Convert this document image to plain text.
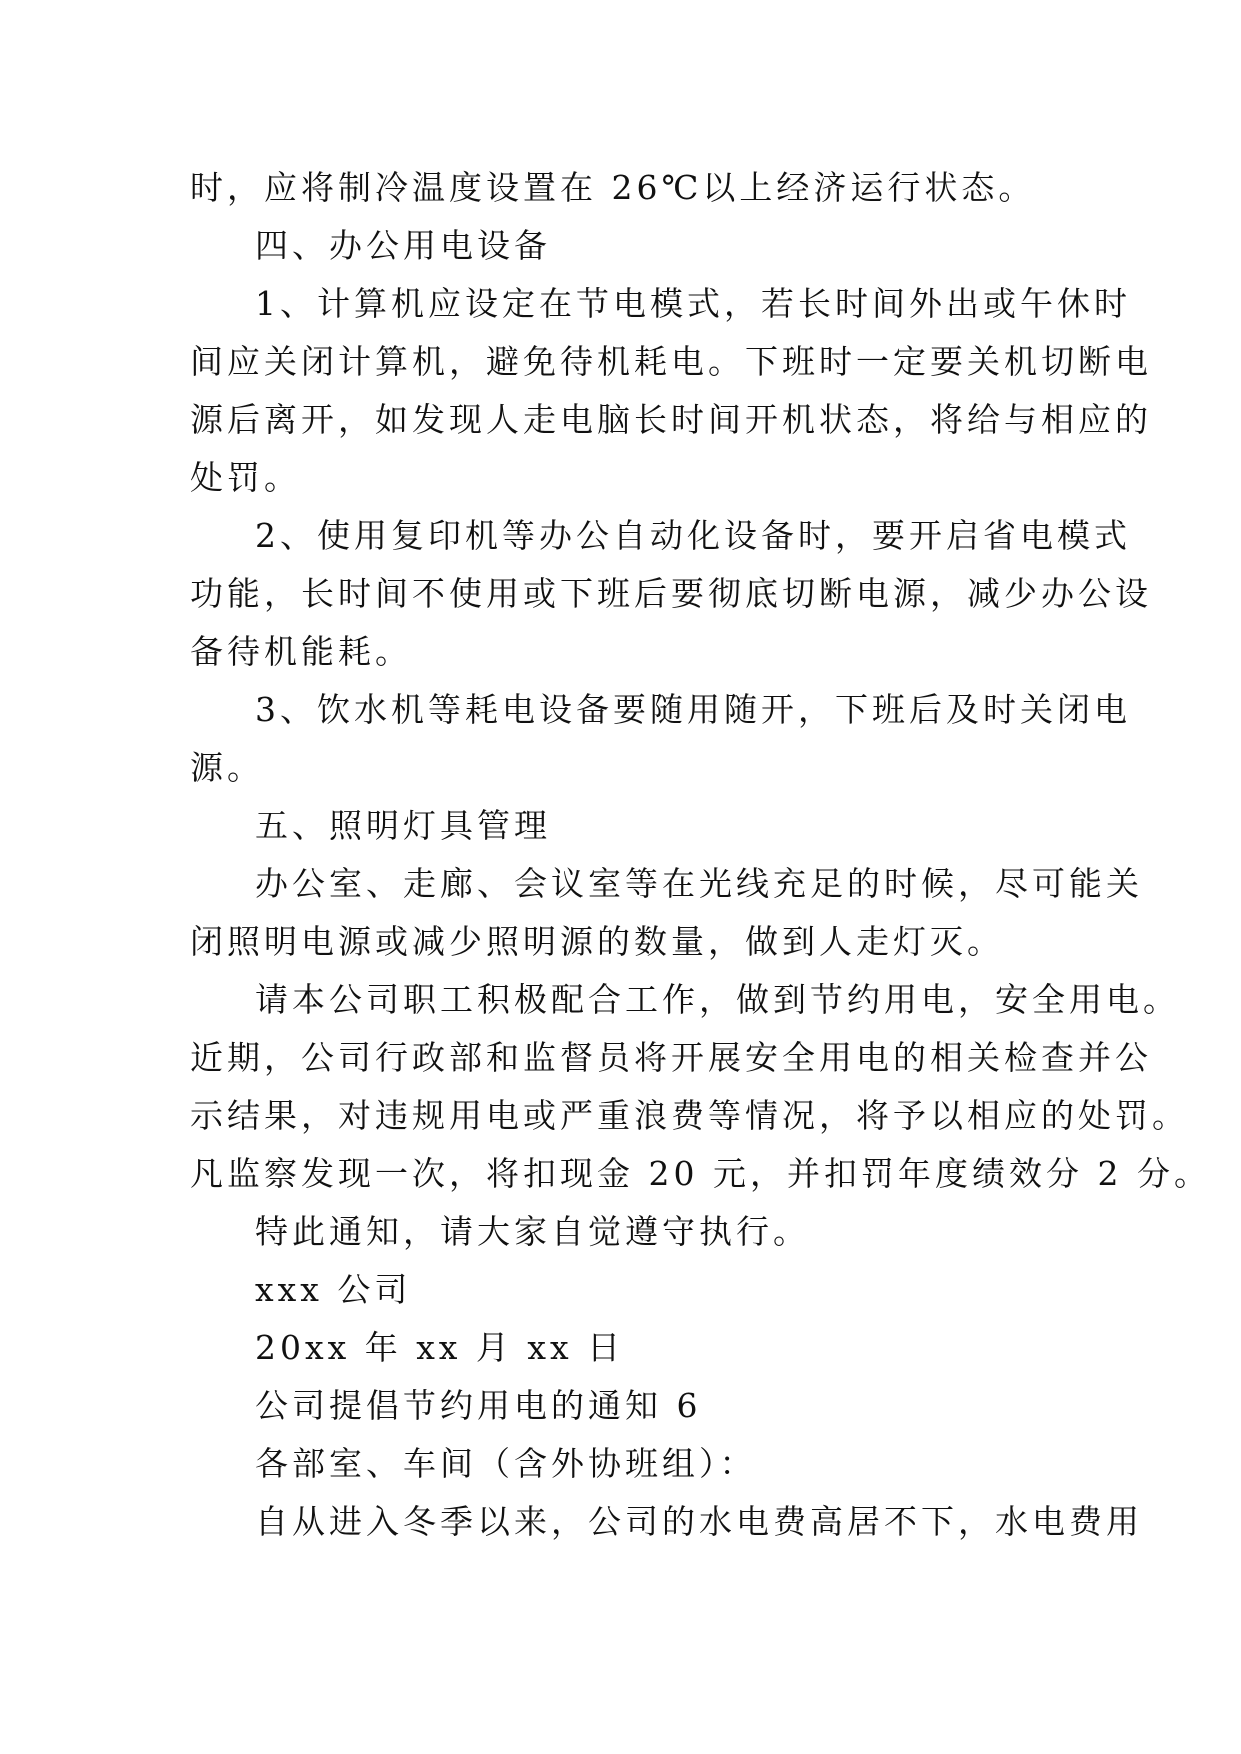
时，应将制冷温度设置在 26℃以上经济运行状态。
四、办公用电设备
1、计算机应设定在节电模式，若长时间外出或午休时
间应关闭计算机，避免待机耗电。下班时一定要关机切断电
源后离开，如发现人走电脑长时间开机状态，将给与相应的
处罚。
2、使用复印机等办公自动化设备时，要开启省电模式
功能，长时间不使用或下班后要彻底切断电源，减少办公设
备待机能耗。
3、饮水机等耗电设备要随用随开，下班后及时关闭电
源。
五、照明灯具管理
办公室、走廊、会议室等在光线充足的时候，尽可能关
闭照明电源或减少照明源的数量，做到人走灯灭。
请本公司职工积极配合工作，做到节约用电，安全用电。
近期，公司行政部和监督员将开展安全用电的相关检查并公
示结果，对违规用电或严重浪费等情况，将予以相应的处罚。
凡监察发现一次，将扣现金 20 元，并扣罚年度绩效分 2 分。
特此通知，请大家自觉遵守执行。
xxx 公司
20xx 年 xx 月 xx 日
公司提倡节约用电的通知 6
各部室、车间（含外协班组）：
自从进入冬季以来，公司的水电费高居不下，水电费用
